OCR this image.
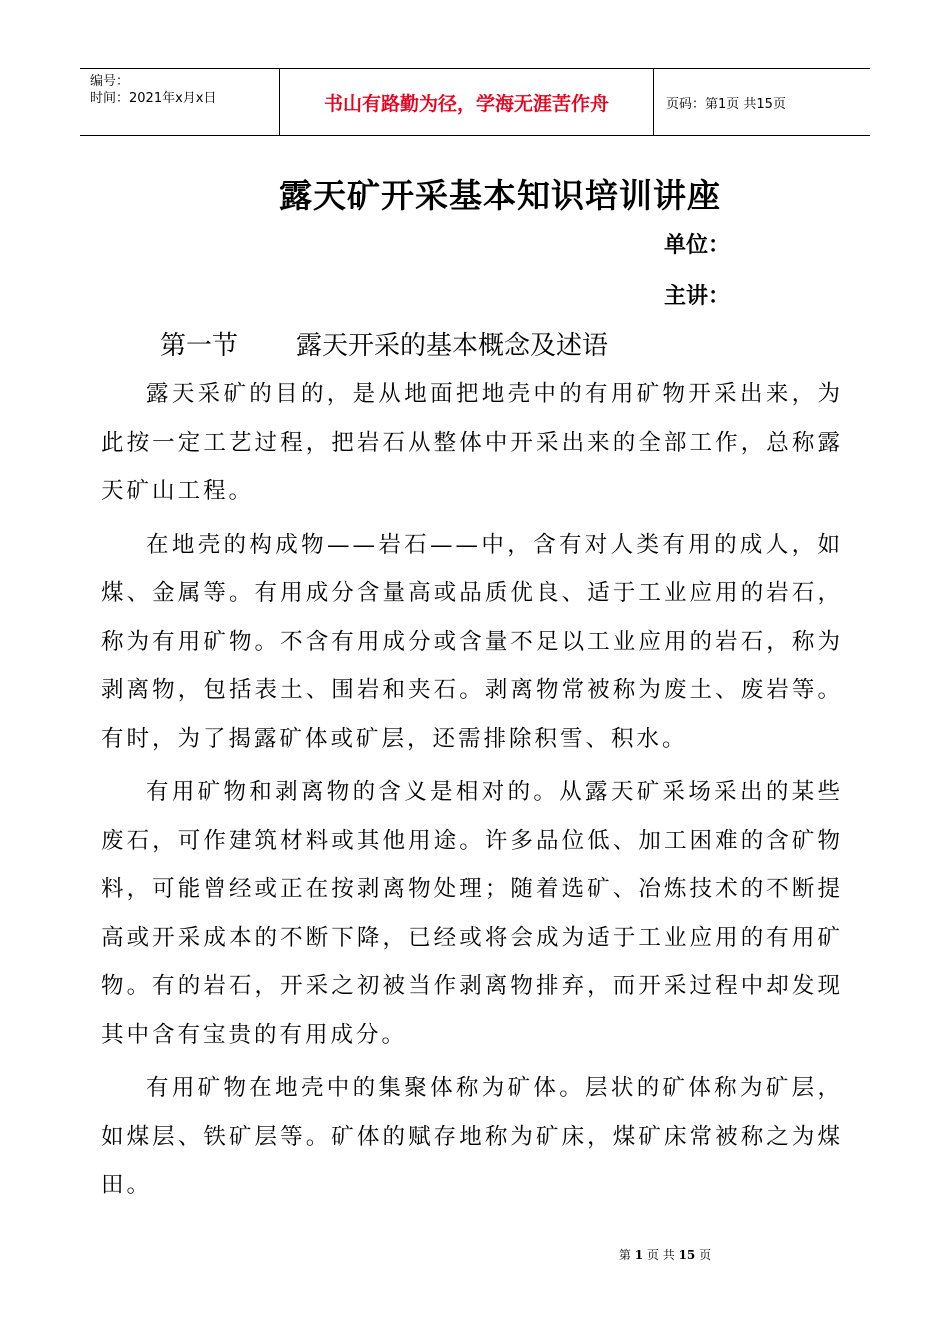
编号：
时间：2021年x月x日	书山有路勤为径，学海无涯苦作舟	页码：第1页 共15页
露天矿开采基本知识培训讲座
单位：
主讲：
第一节 露天开采的基本概念及述语

露天采矿的目的，是从地面把地壳中的有用矿物开采出来，为此按一定工艺过程，把岩石从整体中开采出来的全部工作，总称露天矿山工程。

在地壳的构成物——岩石——中，含有对人类有用的成人，如煤、金属等。有用成分含量高或品质优良、适于工业应用的岩石，称为有用矿物。不含有用成分或含量不足以工业应用的岩石，称为剥离物，包括表土、围岩和夹石。剥离物常被称为废土、废岩等。有时，为了揭露矿体或矿层，还需排除积雪、积水。

有用矿物和剥离物的含义是相对的。从露天矿采场采出的某些废石，可作建筑材料或其他用途。许多品位低、加工困难的含矿物料，可能曾经或正在按剥离物处理；随着选矿、冶炼技术的不断提高或开采成本的不断下降，已经或将会成为适于工业应用的有用矿物。有的岩石，开采之初被当作剥离物排弃，而开采过程中却发现其中含有宝贵的有用成分。

有用矿物在地壳中的集聚体称为矿体。层状的矿体称为矿层，如煤层、铁矿层等。矿体的赋存地称为矿床，煤矿床常被称之为煤田。

第 1 页 共 15 页
